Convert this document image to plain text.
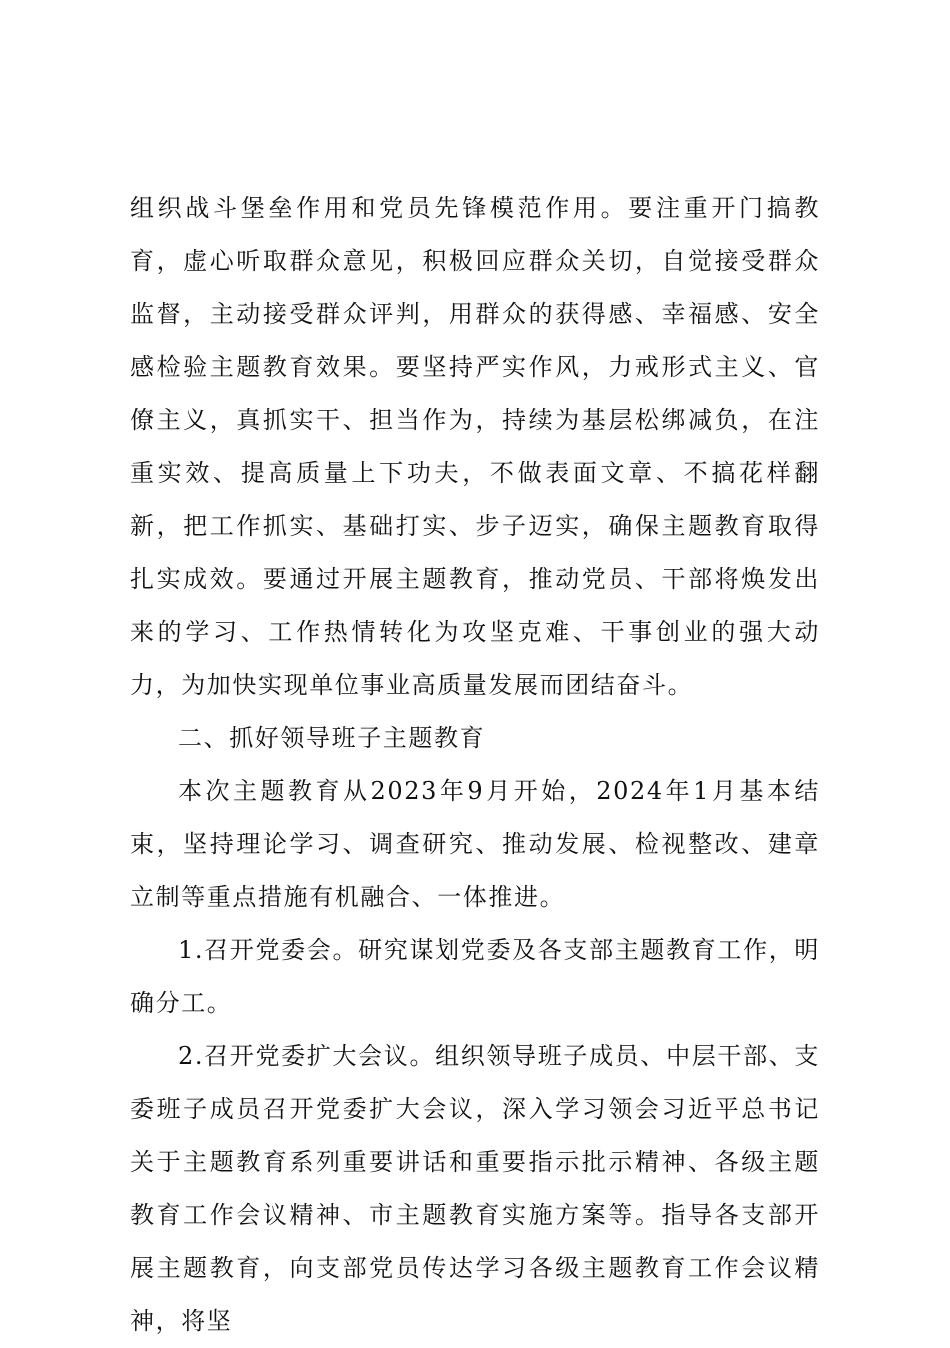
组织战斗堡垒作用和党员先锋模范作用。要注重开门搞教育，虚心听取群众意见，积极回应群众关切，自觉接受群众监督，主动接受群众评判，用群众的获得感、幸福感、安全感检验主题教育效果。要坚持严实作风，力戒形式主义、官僚主义，真抓实干、担当作为，持续为基层松绑减负，在注重实效、提高质量上下功夫，不做表面文章、不搞花样翻新，把工作抓实、基础打实、步子迈实，确保主题教育取得扎实成效。要通过开展主题教育，推动党员、干部将焕发出来的学习、工作热情转化为攻坚克难、干事创业的强大动力，为加快实现单位事业高质量发展而团结奋斗。

二、抓好领导班子主题教育

本次主题教育从2023年9月开始，2024年1月基本结束，坚持理论学习、调查研究、推动发展、检视整改、建章立制等重点措施有机融合、一体推进。

1.召开党委会。研究谋划党委及各支部主题教育工作，明确分工。

2.召开党委扩大会议。组织领导班子成员、中层干部、支委班子成员召开党委扩大会议，深入学习领会习近平总书记关于主题教育系列重要讲话和重要指示批示精神、各级主题教育工作会议精神、市主题教育实施方案等。指导各支部开展主题教育，向支部党员传达学习各级主题教育工作会议精神，将坚
